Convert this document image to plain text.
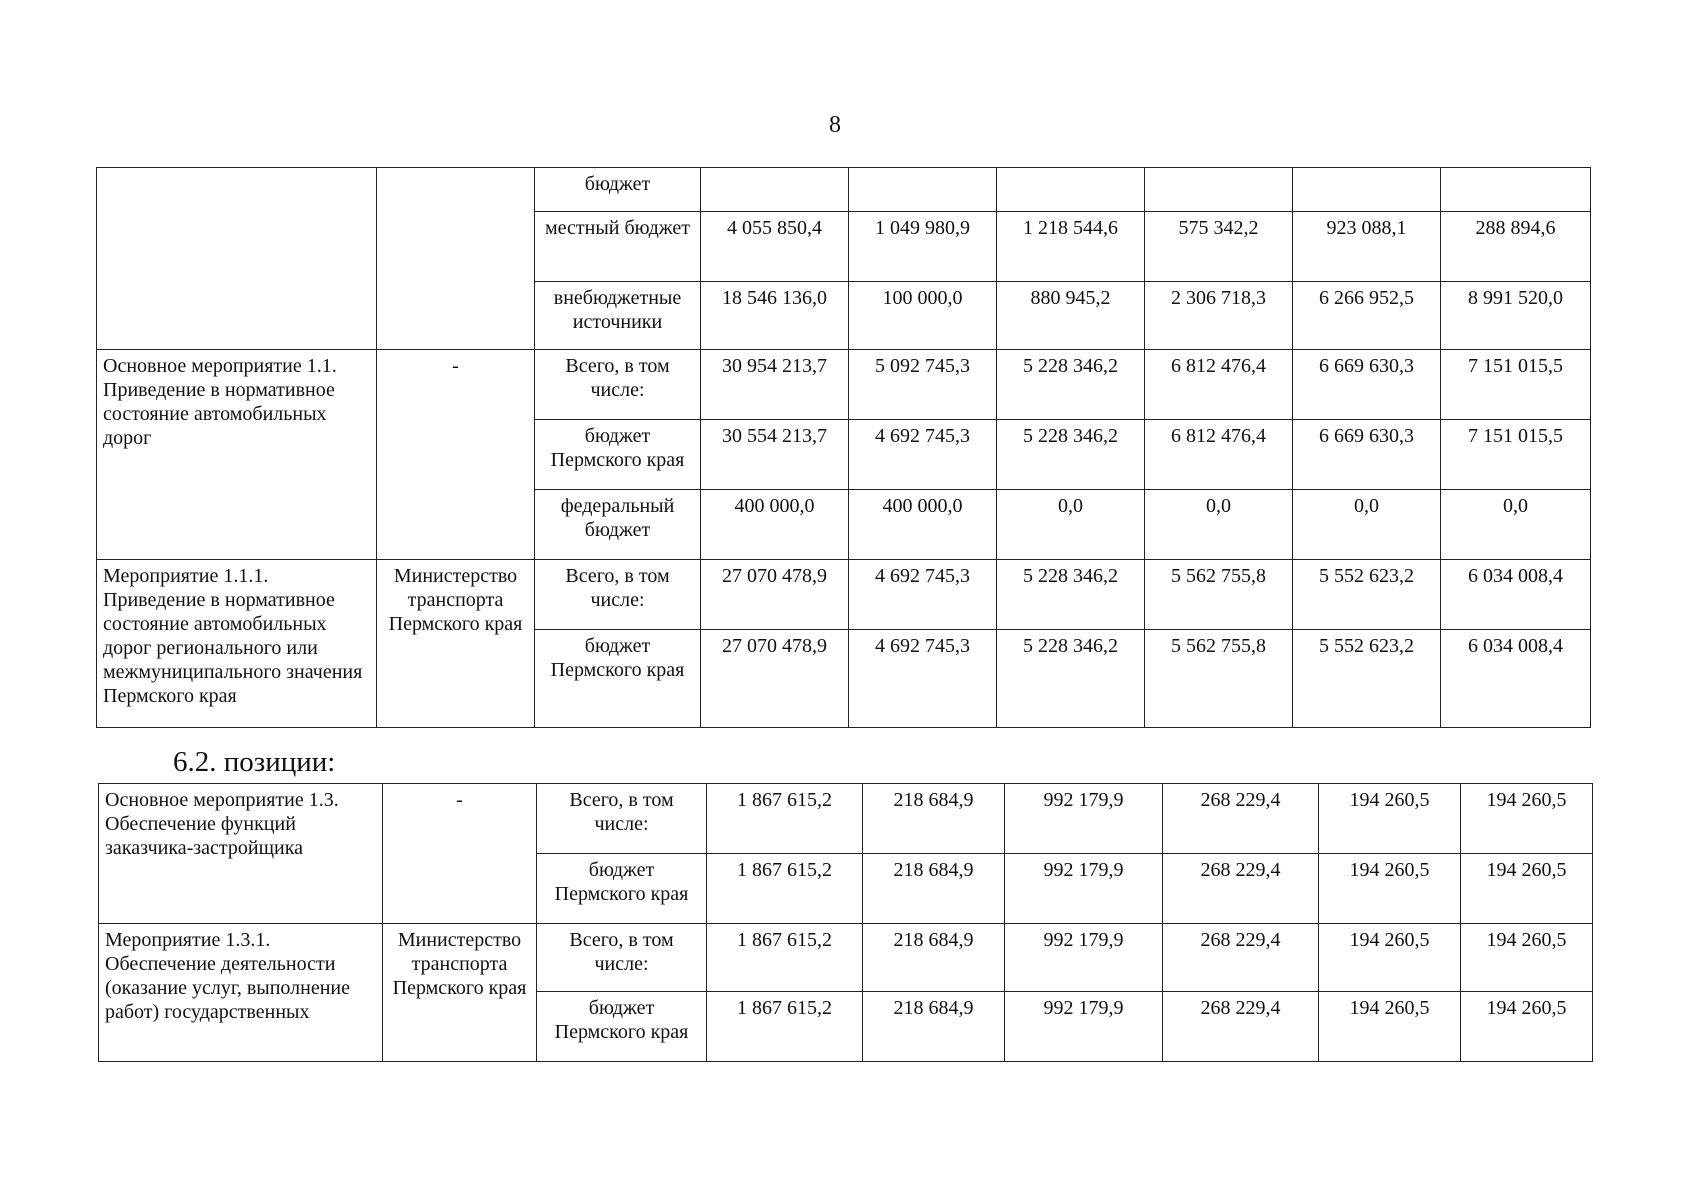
8
		бюджет						
		местный бюджет	4 055 850,4	1 049 980,9	1 218 544,6	575 342,2	923 088,1	288 894,6
		внебюджетные источники	18 546 136,0	100 000,0	880 945,2	2 306 718,3	6 266 952,5	8 991 520,0
Основное мероприятие 1.1. Приведение в нормативное состояние автомобильных дорог	-	Всего, в том числе:	30 954 213,7	5 092 745,3	5 228 346,2	6 812 476,4	6 669 630,3	7 151 015,5
		бюджет Пермского края	30 554 213,7	4 692 745,3	5 228 346,2	6 812 476,4	6 669 630,3	7 151 015,5
		федеральный бюджет	400 000,0	400 000,0	0,0	0,0	0,0	0,0
Мероприятие 1.1.1. Приведение в нормативное состояние автомобильных дорог регионального или межмуниципального значения Пермского края	Министерство транспорта Пермского края	Всего, в том числе:	27 070 478,9	4 692 745,3	5 228 346,2	5 562 755,8	5 552 623,2	6 034 008,4
		бюджет Пермского края	27 070 478,9	4 692 745,3	5 228 346,2	5 562 755,8	5 552 623,2	6 034 008,4
6.2. позиции:
Основное мероприятие 1.3. Обеспечение функций заказчика-застройщика	-	Всего, в том числе:	1 867 615,2	218 684,9	992 179,9	268 229,4	194 260,5	194 260,5
		бюджет Пермского края	1 867 615,2	218 684,9	992 179,9	268 229,4	194 260,5	194 260,5
Мероприятие 1.3.1. Обеспечение деятельности (оказание услуг, выполнение работ) государственных	Министерство транспорта Пермского края	Всего, в том числе:	1 867 615,2	218 684,9	992 179,9	268 229,4	194 260,5	194 260,5
		бюджет Пермского края	1 867 615,2	218 684,9	992 179,9	268 229,4	194 260,5	194 260,5
